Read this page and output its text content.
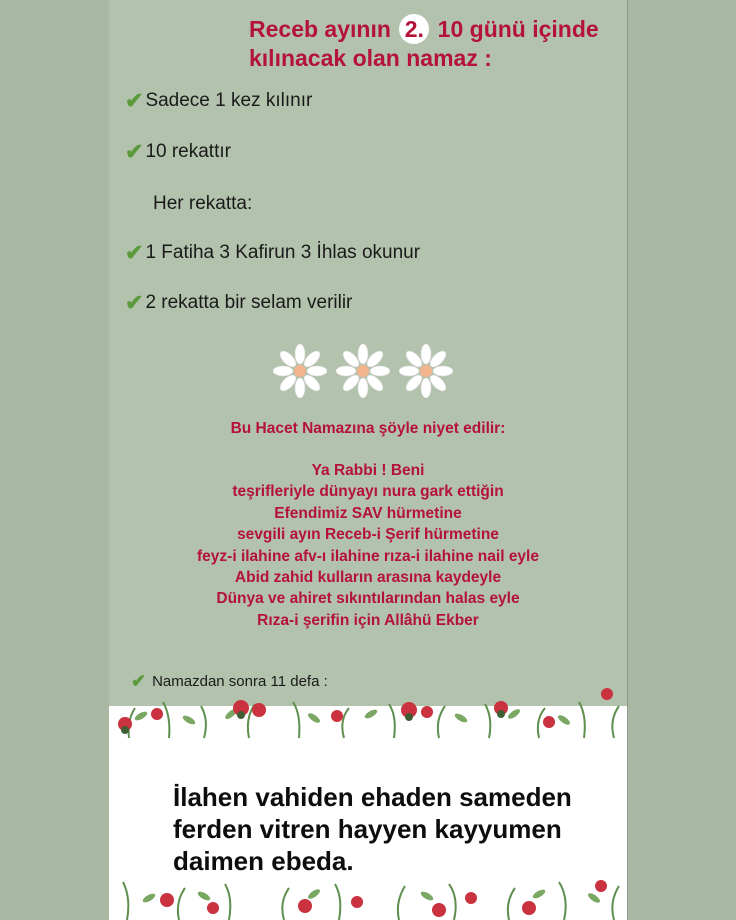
Receb ayının 2. 10 günü içinde kılınacak olan namaz :
✔ Sadece 1 kez kılınır
✔ 10 rekattır
Her rekatta:
✔ 1 Fatiha 3 Kafirun 3 İhlas okunur
✔ 2 rekatta bir selam verilir
Bu Hacet Namazına şöyle niyet edilir:
Ya Rabbi ! Beni
teşrifleriyle dünyayı nura gark ettiğin
Efendimiz SAV hürmetine
sevgili ayın Receb-i Şerif hürmetine
feyz-i ilahine afv-ı ilahine rıza-i ilahine nail eyle
Abid zahid kulların arasına kaydeyle
Dünya ve ahiret sıkıntılarından halas eyle
Rıza-i şerifin için Allâhü Ekber
✔ Namazdan sonra 11 defa :
İlahen vahiden ehaden sameden ferden vitren hayyen kayyumen daimen ebeda.
